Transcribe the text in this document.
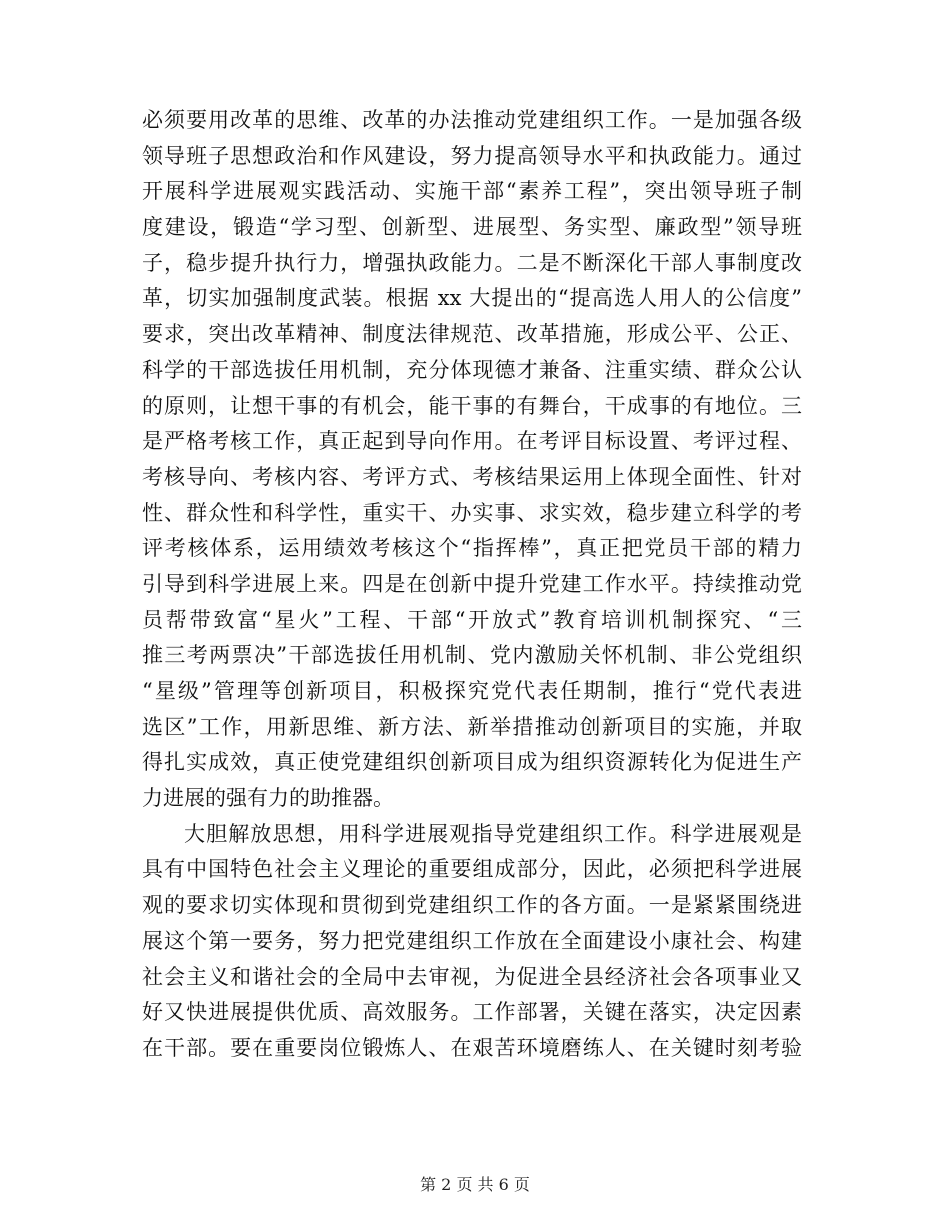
必须要用改革的思维、改革的办法推动党建组织工作。一是加强各级
领导班子思想政治和作风建设，努力提高领导水平和执政能力。通过
开展科学进展观实践活动、实施干部“素养工程”，突出领导班子制
度建设，锻造“学习型、创新型、进展型、务实型、廉政型”领导班
子，稳步提升执行力，增强执政能力。二是不断深化干部人事制度改
革，切实加强制度武装。根据 xx 大提出的“提高选人用人的公信度”
要求，突出改革精神、制度法律规范、改革措施，形成公平、公正、
科学的干部选拔任用机制，充分体现德才兼备、注重实绩、群众公认
的原则，让想干事的有机会，能干事的有舞台，干成事的有地位。三
是严格考核工作，真正起到导向作用。在考评目标设置、考评过程、
考核导向、考核内容、考评方式、考核结果运用上体现全面性、针对
性、群众性和科学性，重实干、办实事、求实效，稳步建立科学的考
评考核体系，运用绩效考核这个“指挥棒”，真正把党员干部的精力
引导到科学进展上来。四是在创新中提升党建工作水平。持续推动党
员帮带致富“星火”工程、干部“开放式”教育培训机制探究、“三
推三考两票决”干部选拔任用机制、党内激励关怀机制、非公党组织
“星级”管理等创新项目，积极探究党代表任期制，推行“党代表进
选区”工作，用新思维、新方法、新举措推动创新项目的实施，并取
得扎实成效，真正使党建组织创新项目成为组织资源转化为促进生产
力进展的强有力的助推器。
大胆解放思想，用科学进展观指导党建组织工作。科学进展观是
具有中国特色社会主义理论的重要组成部分，因此，必须把科学进展
观的要求切实体现和贯彻到党建组织工作的各方面。一是紧紧围绕进
展这个第一要务，努力把党建组织工作放在全面建设小康社会、构建
社会主义和谐社会的全局中去审视，为促进全县经济社会各项事业又
好又快进展提供优质、高效服务。工作部署，关键在落实，决定因素
在干部。要在重要岗位锻炼人、在艰苦环境磨练人、在关键时刻考验
第 2 页 共 6 页
